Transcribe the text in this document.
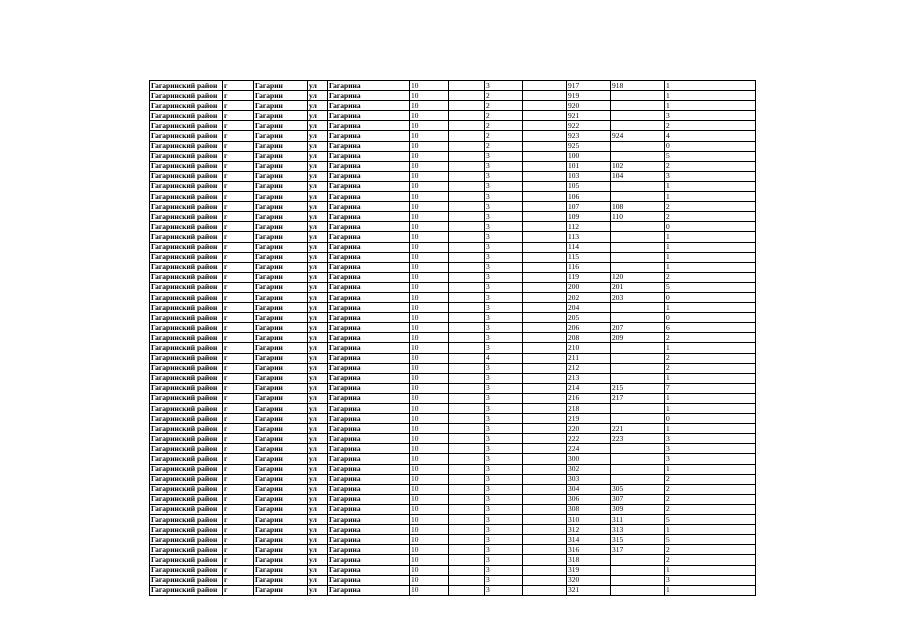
Гагаринский район	г	Гагарин	ул	Гагарина	10		3		917	918	1
Гагаринский район	г	Гагарин	ул	Гагарина	10		2		919		1
Гагаринский район	г	Гагарин	ул	Гагарина	10		2		920		1
Гагаринский район	г	Гагарин	ул	Гагарина	10		2		921		3
Гагаринский район	г	Гагарин	ул	Гагарина	10		2		922		2
Гагаринский район	г	Гагарин	ул	Гагарина	10		2		923	924	4
Гагаринский район	г	Гагарин	ул	Гагарина	10		2		925		0
Гагаринский район	г	Гагарин	ул	Гагарина	10		3		100		5
Гагаринский район	г	Гагарин	ул	Гагарина	10		3		101	102	2
Гагаринский район	г	Гагарин	ул	Гагарина	10		3		103	104	3
Гагаринский район	г	Гагарин	ул	Гагарина	10		3		105		1
Гагаринский район	г	Гагарин	ул	Гагарина	10		3		106		1
Гагаринский район	г	Гагарин	ул	Гагарина	10		3		107	108	2
Гагаринский район	г	Гагарин	ул	Гагарина	10		3		109	110	2
Гагаринский район	г	Гагарин	ул	Гагарина	10		3		112		0
Гагаринский район	г	Гагарин	ул	Гагарина	10		3		113		1
Гагаринский район	г	Гагарин	ул	Гагарина	10		3		114		1
Гагаринский район	г	Гагарин	ул	Гагарина	10		3		115		1
Гагаринский район	г	Гагарин	ул	Гагарина	10		3		116		1
Гагаринский район	г	Гагарин	ул	Гагарина	10		3		119	120	2
Гагаринский район	г	Гагарин	ул	Гагарина	10		3		200	201	5
Гагаринский район	г	Гагарин	ул	Гагарина	10		3		202	203	0
Гагаринский район	г	Гагарин	ул	Гагарина	10		3		204		1
Гагаринский район	г	Гагарин	ул	Гагарина	10		3		205		0
Гагаринский район	г	Гагарин	ул	Гагарина	10		3		206	207	6
Гагаринский район	г	Гагарин	ул	Гагарина	10		3		208	209	2
Гагаринский район	г	Гагарин	ул	Гагарина	10		3		210		1
Гагаринский район	г	Гагарин	ул	Гагарина	10		4		211		2
Гагаринский район	г	Гагарин	ул	Гагарина	10		3		212		2
Гагаринский район	г	Гагарин	ул	Гагарина	10		3		213		1
Гагаринский район	г	Гагарин	ул	Гагарина	10		3		214	215	7
Гагаринский район	г	Гагарин	ул	Гагарина	10		3		216	217	1
Гагаринский район	г	Гагарин	ул	Гагарина	10		3		218		1
Гагаринский район	г	Гагарин	ул	Гагарина	10		3		219		0
Гагаринский район	г	Гагарин	ул	Гагарина	10		3		220	221	1
Гагаринский район	г	Гагарин	ул	Гагарина	10		3		222	223	3
Гагаринский район	г	Гагарин	ул	Гагарина	10		3		224		3
Гагаринский район	г	Гагарин	ул	Гагарина	10		3		300		3
Гагаринский район	г	Гагарин	ул	Гагарина	10		3		302		1
Гагаринский район	г	Гагарин	ул	Гагарина	10		3		303		2
Гагаринский район	г	Гагарин	ул	Гагарина	10		3		304	305	2
Гагаринский район	г	Гагарин	ул	Гагарина	10		3		306	307	2
Гагаринский район	г	Гагарин	ул	Гагарина	10		3		308	309	2
Гагаринский район	г	Гагарин	ул	Гагарина	10		3		310	311	5
Гагаринский район	г	Гагарин	ул	Гагарина	10		3		312	313	1
Гагаринский район	г	Гагарин	ул	Гагарина	10		3		314	315	5
Гагаринский район	г	Гагарин	ул	Гагарина	10		3		316	317	2
Гагаринский район	г	Гагарин	ул	Гагарина	10		3		318		2
Гагаринский район	г	Гагарин	ул	Гагарина	10		3		319		1
Гагаринский район	г	Гагарин	ул	Гагарина	10		3		320		3
Гагаринский район	г	Гагарин	ул	Гагарина	10		3		321		1
